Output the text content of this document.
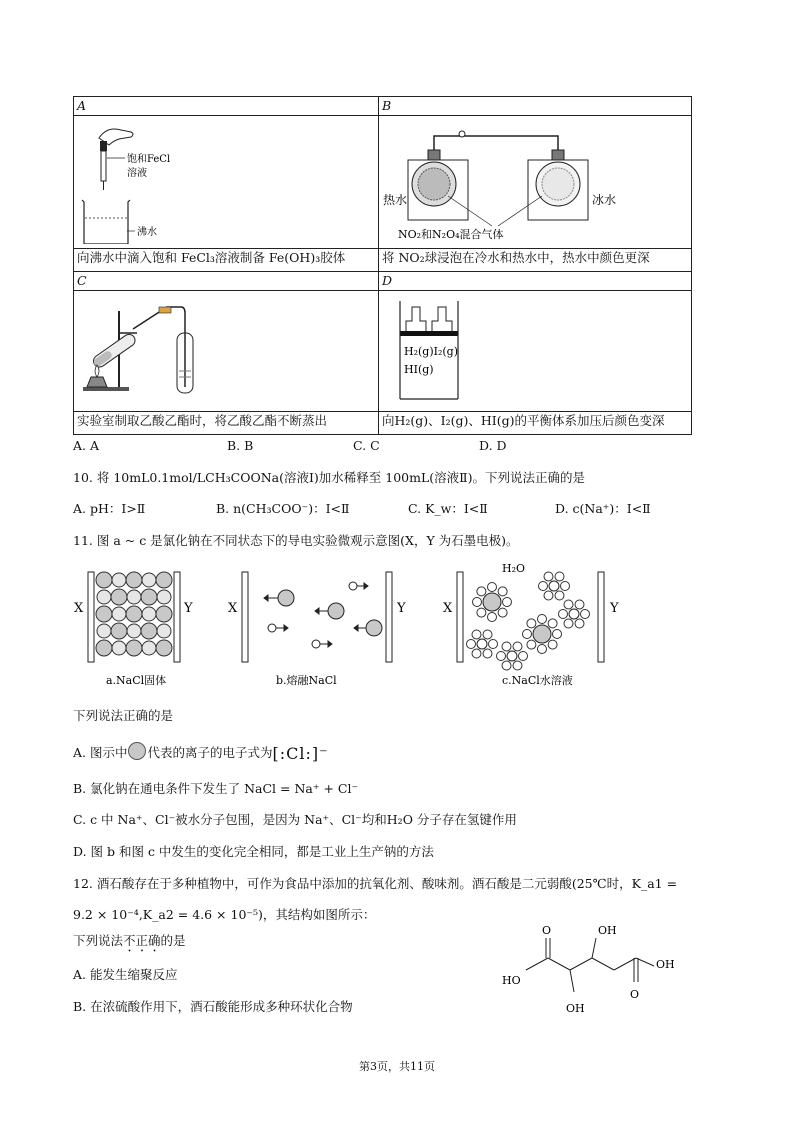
A	B

饱和FeCl
溶液
沸水	热水 冰水
NO₂和N₂O₄混合气体

向沸水中滴入饱和 FeCl₃溶液制备 Fe(OH)₃胶体	将 NO₂球浸泡在冷水和热水中，热水中颜色更深
C	D

H₂(g)I₂(g)
HI(g)

实验室制取乙酸乙酯时，将乙酸乙酯不断蒸出	向H₂(g)、I₂(g)、HI(g)的平衡体系加压后颜色变深
A. A	B. B	C. C	D. D
10. 将 10mL0.1mol/LCH₃COONa(溶液Ⅰ)加水稀释至 100mL(溶液Ⅱ)。下列说法正确的是
A. pH：Ⅰ>Ⅱ	B. n(CH₃COO⁻)：Ⅰ<Ⅱ	C. K_w：Ⅰ<Ⅱ	D. c(Na⁺)：Ⅰ<Ⅱ
11. 图 a ~ c 是氯化钠在不同状态下的导电实验微观示意图(X，Y 为石墨电极)。
X	Y
a.NaCl固体
X	Y
b.熔融NaCl
X	Y
H₂O
c.NaCl水溶液
下列说法正确的是
A. 图示中 代表的离子的电子式为[:Cl:]⁻
B. 氯化钠在通电条件下发生了 NaCl = Na⁺ + Cl⁻
C. c 中 Na⁺、Cl⁻被水分子包围，是因为 Na⁺、Cl⁻均和H₂O 分子存在氢键作用
D. 图 b 和图 c 中发生的变化完全相同，都是工业上生产钠的方法
12. 酒石酸存在于多种植物中，可作为食品中添加的抗氧化剂、酸味剂。酒石酸是二元弱酸(25℃时，K_a1 =
9.2 × 10⁻⁴,K_a2 = 4.6 × 10⁻⁵)，其结构如图所示：
下列说法不正确的是
A. 能发生缩聚反应
B. 在浓硫酸作用下，酒石酸能形成多种环状化合物
O	OH
HO
OH
OH
O
第3页，共11页
